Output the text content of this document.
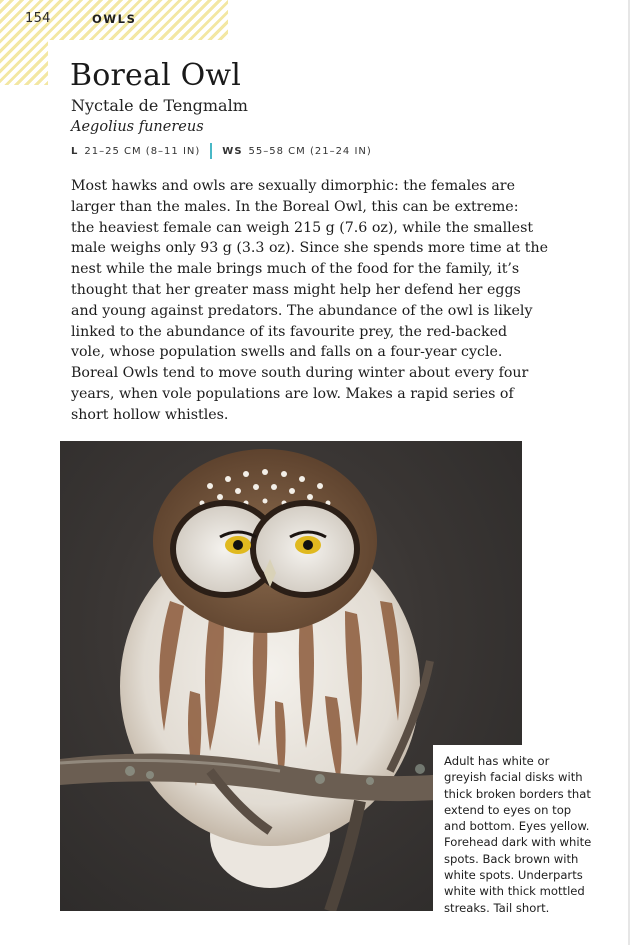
154	OWLS
Boreal Owl
Nyctale de Tengmalm
Aegolius funereus
L 21–25 CM (8–11 IN) WS 55–58 CM (21–24 IN)
Most hawks and owls are sexually dimorphic: the females are
larger than the males. In the Boreal Owl, this can be extreme:
the heaviest female can weigh 215 g (7.6 oz), while the smallest
male weighs only 93 g (3.3 oz). Since she spends more time at the
nest while the male brings much of the food for the family, it’s
thought that her greater mass might help her defend her eggs
and young against predators. The abundance of the owl is likely
linked to the abundance of its favourite prey, the red-backed
vole, whose population swells and falls on a four-year cycle.
Boreal Owls tend to move south during winter about every four
years, when vole populations are low. Makes a rapid series of
short hollow whistles.
Adult has white or
greyish facial disks with
thick broken borders that
extend to eyes on top
and bottom. Eyes yellow.
Forehead dark with white
spots. Back brown with
white spots. Underparts
white with thick mottled
streaks. Tail short.
